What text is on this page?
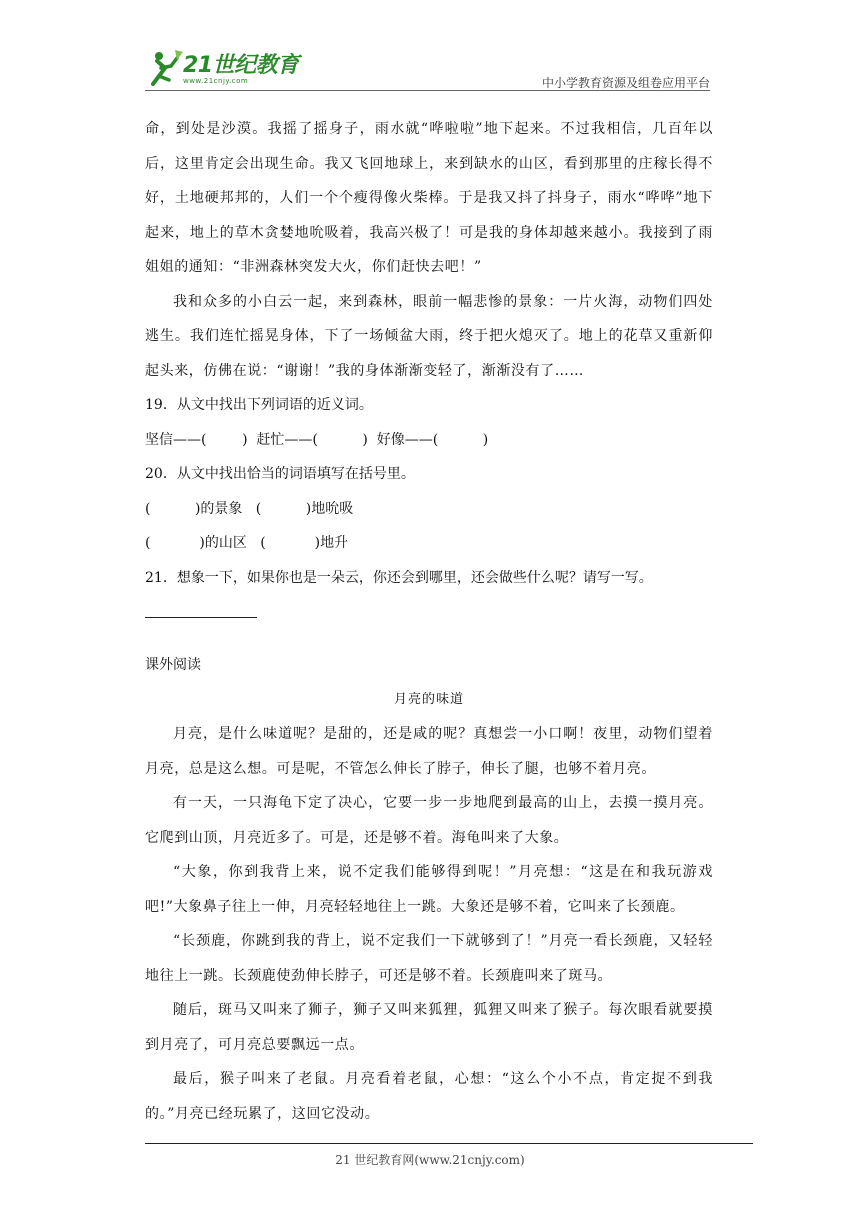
21世纪教育
www.21cnjy.com	中小学教育资源及组卷应用平台

命，到处是沙漠。我摇了摇身子，雨水就“哗啦啦”地下起来。不过我相信，几百年以后，这里肯定会出现生命。我又飞回地球上，来到缺水的山区，看到那里的庄稼长得不好，土地硬邦邦的，人们一个个瘦得像火柴棒。于是我又抖了抖身子，雨水“哗哗”地下起来，地上的草木贪婪地吮吸着，我高兴极了！可是我的身体却越来越小。我接到了雨姐姐的通知：“非洲森林突发大火，你们赶快去吧！”

我和众多的小白云一起，来到森林，眼前一幅悲惨的景象：一片火海，动物们四处逃生。我们连忙摇晃身体，下了一场倾盆大雨，终于把火熄灭了。地上的花草又重新仰起头来，仿佛在说：“谢谢！”我的身体渐渐变轻了，渐渐没有了……

19．从文中找出下列词语的近义词。

坚信——(        )  赶忙——(          )  好像——(          )

20．从文中找出恰当的词语填写在括号里。

(          )的景象   (          )地吮吸

(           )的山区   (           )地升

21．想象一下，如果你也是一朵云，你还会到哪里，还会做些什么呢？请写一写。

课外阅读

月亮的味道

月亮，是什么味道呢？是甜的，还是咸的呢？真想尝一小口啊！夜里，动物们望着月亮，总是这么想。可是呢，不管怎么伸长了脖子，伸长了腿，也够不着月亮。

有一天，一只海龟下定了决心，它要一步一步地爬到最高的山上，去摸一摸月亮。它爬到山顶，月亮近多了。可是，还是够不着。海龟叫来了大象。

“大象，你到我背上来，说不定我们能够得到呢！”月亮想：“这是在和我玩游戏吧!”大象鼻子往上一伸，月亮轻轻地往上一跳。大象还是够不着，它叫来了长颈鹿。

“长颈鹿，你跳到我的背上，说不定我们一下就够到了！”月亮一看长颈鹿，又轻轻地往上一跳。长颈鹿使劲伸长脖子，可还是够不着。长颈鹿叫来了斑马。

随后，斑马又叫来了狮子，狮子又叫来狐狸，狐狸又叫来了猴子。每次眼看就要摸到月亮了，可月亮总要飘远一点。

最后，猴子叫来了老鼠。月亮看着老鼠，心想：“这么个小不点，肯定捉不到我的。”月亮已经玩累了，这回它没动。

21 世纪教育网(www.21cnjy.com)
